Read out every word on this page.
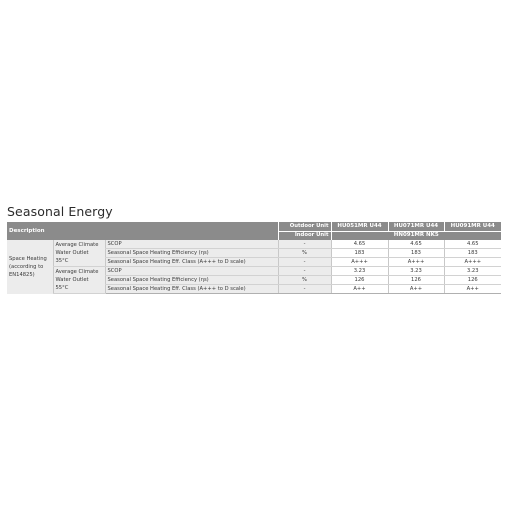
Seasonal Energy
Description			Outdoor Unit	HU051MR U44	HU071MR U44	HU091MR U44
			Indoor Unit	HN091MR NK5		
Space Heating (according to EN14825)	Average Climate Water Outlet 35°C	SCOP	-	4.65	4.65	4.65
		Seasonal Space Heating Efficiency (ηs)	%	183	183	183
		Seasonal Space Heating Eff. Class (A+++ to D scale)	-	A+++	A+++	A+++
	Average Climate Water Outlet 55°C	SCOP	-	3.23	3.23	3.23
		Seasonal Space Heating Efficiency (ηs)	%	126	126	126
		Seasonal Space Heating Eff. Class (A+++ to D scale)	-	A++	A++	A++
